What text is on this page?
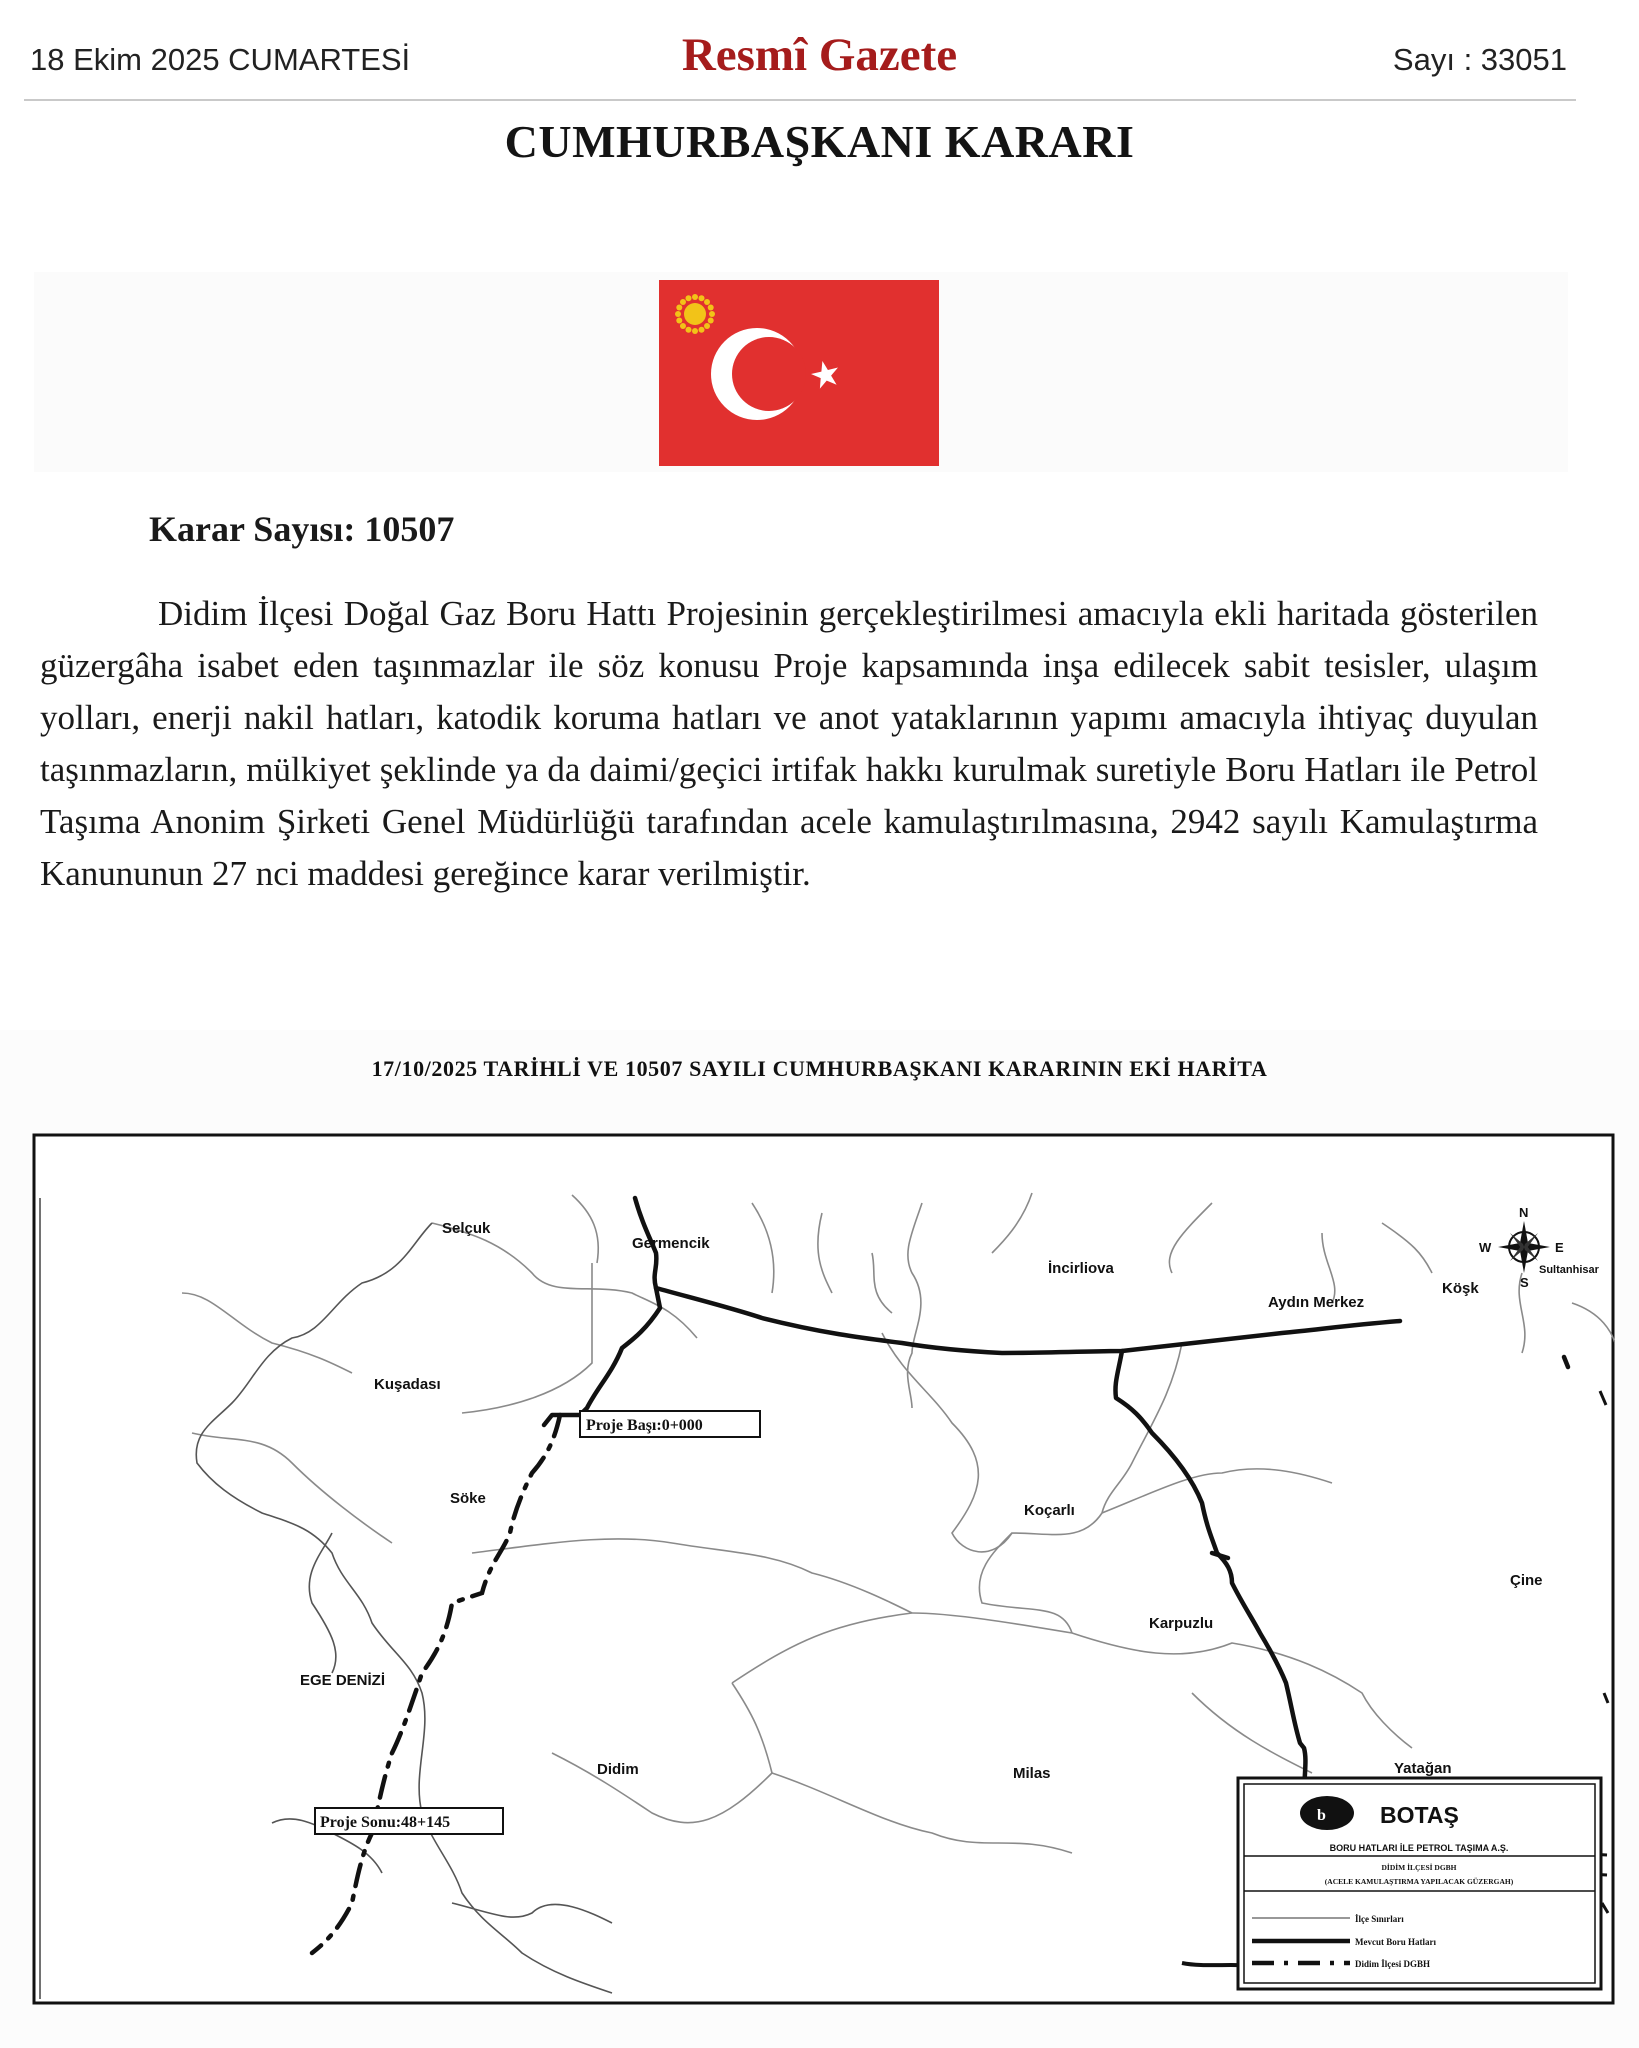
18 Ekim 2025 CUMARTESİ	Resmî Gazete	Sayı : 33051
CUMHURBAŞKANI KARARI
Karar Sayısı: 10507
Didim İlçesi Doğal Gaz Boru Hattı Projesinin gerçekleştirilmesi amacıyla ekli haritada gösterilen güzergâha isabet eden taşınmazlar ile söz konusu Proje kapsamında inşa edilecek sabit tesisler, ulaşım yolları, enerji nakil hatları, katodik koruma hatları ve anot yataklarının yapımı amacıyla ihtiyaç duyulan taşınmazların, mülkiyet şeklinde ya da daimi/geçici irtifak hakkı kurulmak suretiyle Boru Hatları ile Petrol Taşıma Anonim Şirketi Genel Müdürlüğü tarafından acele kamulaştırılmasına, 2942 sayılı Kamulaştırma Kanununun 27 nci maddesi gereğince karar verilmiştir.
17/10/2025 TARİHLİ VE 10507 SAYILI CUMHURBAŞKANI KARARININ EKİ HARİTA
Germencik
İncirliova
Aydın Merkez
Köşk
Sultanhisar
Selçuk
Kuşadası
Söke
Koçarlı
Çine
Karpuzlu
EGE DENİZİ
Didim	Milas	Yatağan
Proje Başı:0+000
Proje Sonu:48+145
N
W	E
S
b BOTAŞ
BORU HATLARI İLE PETROL TAŞIMA A.Ş.
DİDİM İLÇESİ DGBH
(ACELE KAMULAŞTIRMA YAPILACAK GÜZERGAH)
İlçe Sınırları
Mevcut Boru Hatları
Didim İlçesi DGBH
